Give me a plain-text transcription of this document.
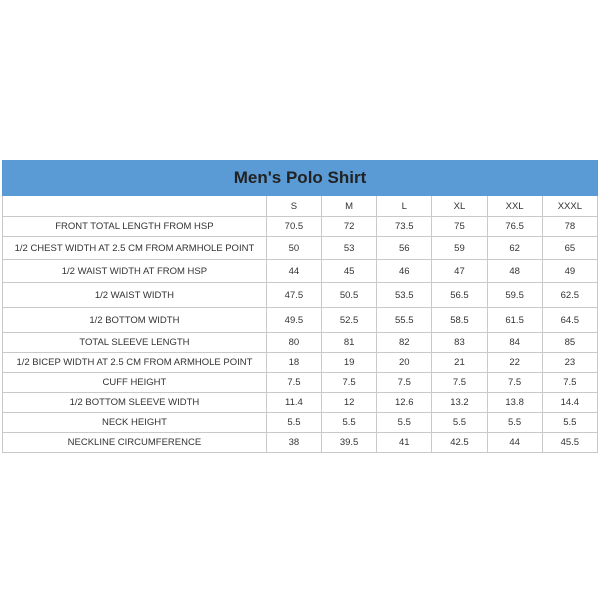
Men's Polo Shirt						
	S	M	L	XL	XXL	XXXL
FRONT TOTAL LENGTH FROM HSP	70.5	72	73.5	75	76.5	78
1/2 CHEST WIDTH AT 2.5 CM FROM ARMHOLE POINT	50	53	56	59	62	65
1/2 WAIST WIDTH AT FROM HSP	44	45	46	47	48	49
1/2 WAIST WIDTH	47.5	50.5	53.5	56.5	59.5	62.5
1/2 BOTTOM WIDTH	49.5	52.5	55.5	58.5	61.5	64.5
TOTAL SLEEVE LENGTH	80	81	82	83	84	85
1/2 BICEP WIDTH AT 2.5 CM FROM ARMHOLE POINT	18	19	20	21	22	23
CUFF HEIGHT	7.5	7.5	7.5	7.5	7.5	7.5
1/2 BOTTOM SLEEVE WIDTH	11.4	12	12.6	13.2	13.8	14.4
NECK HEIGHT	5.5	5.5	5.5	5.5	5.5	5.5
NECKLINE CIRCUMFERENCE	38	39.5	41	42.5	44	45.5
